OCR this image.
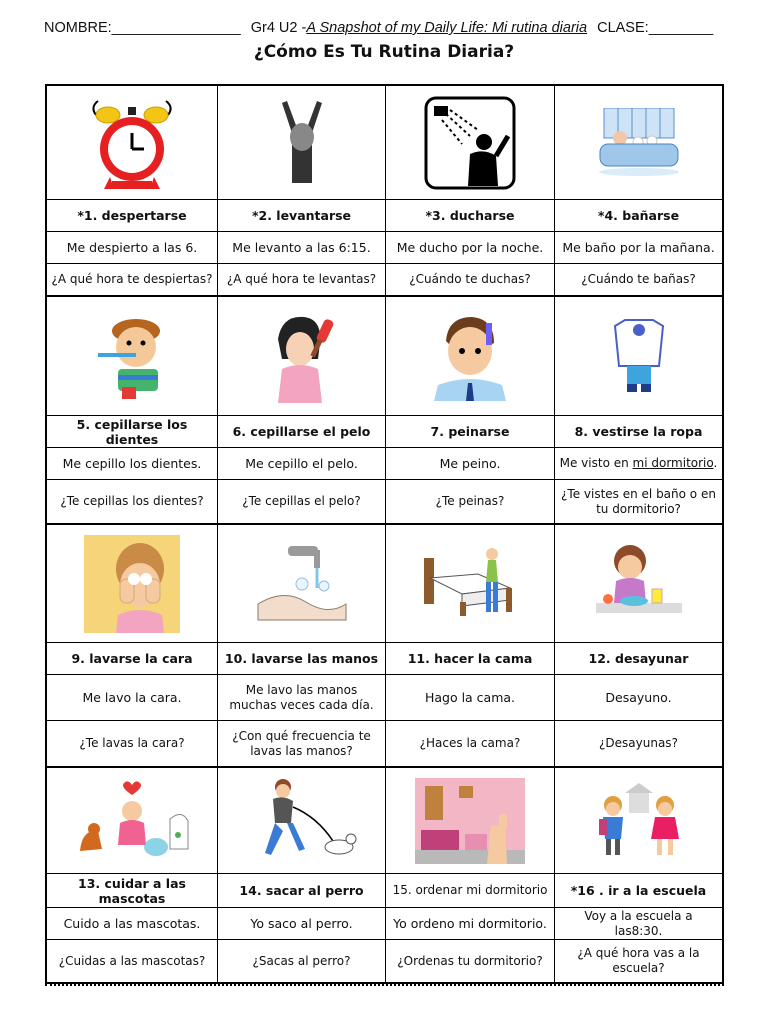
NOMBRE:________________ Gr4 U2 -A Snapshot of my Daily Life: Mi rutina diaria CLASE:________
¿Cómo Es Tu Rutina Diaria?
*1. despertarse
Me despierto a las 6.
¿A qué hora te despiertas?
*2. levantarse
Me levanto a las 6:15.
¿A qué hora te levantas?
*3. ducharse
Me ducho por la noche.
¿Cuándo te duchas?
*4. bañarse
Me baño por la mañana.
¿Cuándo te bañas?
5. cepillarse los dientes
Me cepillo los dientes.
¿Te cepillas los dientes?
6. cepillarse el pelo
Me cepillo el pelo.
¿Te cepillas el pelo?
7. peinarse
Me peino.
¿Te peinas?
8. vestirse la ropa
Me visto en mi dormitorio.
¿Te vistes en el baño o en tu dormitorio?
9. lavarse la cara
Me lavo la cara.
¿Te lavas la cara?
10. lavarse las manos
Me lavo las manos muchas veces cada día.
¿Con qué frecuencia te lavas las manos?
11. hacer la cama
Hago la cama.
¿Haces la cama?
12. desayunar
Desayuno.
¿Desayunas?
13. cuidar a las mascotas
Cuido a las mascotas.
¿Cuidas a las mascotas?
14. sacar al perro
Yo saco al perro.
¿Sacas al perro?
15. ordenar mi dormitorio
Yo ordeno mi dormitorio.
¿Ordenas tu dormitorio?
*16 . ir a la escuela
Voy a la escuela a las8:30.
¿A qué hora vas a la escuela?
